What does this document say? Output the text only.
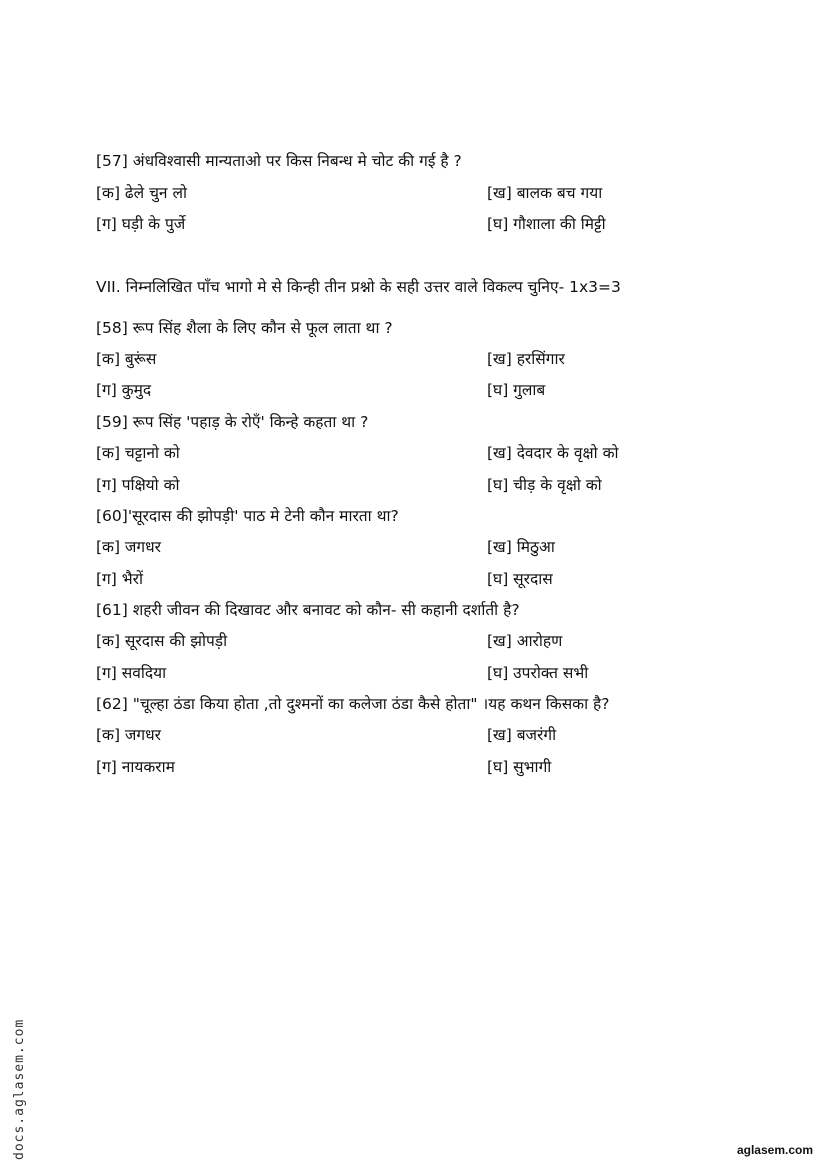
[57] अंधविश्वासी मान्यताओ पर किस निबन्ध मे चोट की गई है ?
[क] ढेले चुन लो	[ख] बालक बच गया
[ग] घड़ी के पुर्जे	[घ] गौशाला की मिट्टी
VII. निम्नलिखित पाँच भागो मे से किन्ही तीन प्रश्नो के सही उत्तर वाले विकल्प चुनिए- 1x3=3
[58] रूप सिंह शैला के लिए कौन से फूल लाता था ?
[क] बुरूंस	[ख] हरसिंगार
[ग] कुमुद	[घ] गुलाब
[59] रूप सिंह 'पहाड़ के रोएँ' किन्हे कहता था ?
[क] चट्टानो को	[ख] देवदार के वृक्षो को
[ग] पक्षियो को	[घ] चीड़ के वृक्षो को
[60]'सूरदास की झोपड़ी' पाठ मे टेनी कौन मारता था?
[क] जगधर	[ख] मिठुआ
[ग] भैरों	[घ] सूरदास
[61] शहरी जीवन की दिखावट और बनावट को कौन- सी कहानी दर्शाती है?
[क] सूरदास की झोपड़ी	[ख] आरोहण
[ग] सवदिया	[घ] उपरोक्त सभी
[62] "चूल्हा ठंडा किया होता ,तो दुश्मनों का कलेजा ठंडा कैसे होता" ।यह कथन किसका है?
[क] जगधर	[ख] बजरंगी
[ग] नायकराम	[घ] सुभागी
docs.aglasem.com	aglasem.com
